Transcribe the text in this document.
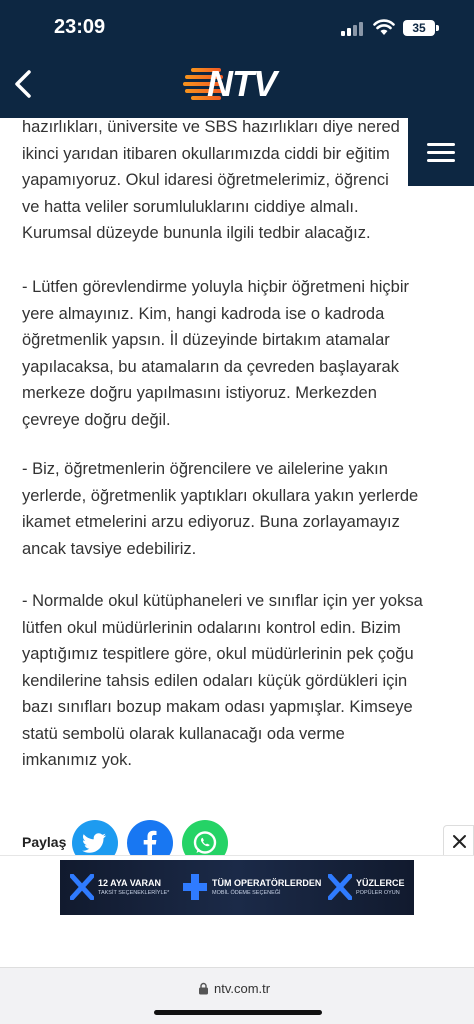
23:09	35
NTV
hazırlıkları, üniversite ve SBS hazırlıkları diye nered
ikinci yarıdan itibaren okullarımızda ciddi bir eğitim
yapamıyoruz. Okul idaresi öğretmelerimiz, öğrenci
ve hatta veliler sorumluluklarını ciddiye almalı.
Kurumsal düzeyde bununla ilgili tedbir alacağız.
- Lütfen görevlendirme yoluyla hiçbir öğretmeni hiçbir
yere almayınız. Kim, hangi kadroda ise o kadroda
öğretmenlik yapsın. İl düzeyinde birtakım atamalar
yapılacaksa, bu atamaların da çevreden başlayarak
merkeze doğru yapılmasını istiyoruz. Merkezden
çevreye doğru değil.
- Biz, öğretmenlerin öğrencilere ve ailelerine yakın
yerlerde, öğretmenlik yaptıkları okullara yakın yerlerde
ikamet etmelerini arzu ediyoruz. Buna zorlayamayız
ancak tavsiye edebiliriz.
- Normalde okul kütüphaneleri ve sınıflar için yer yoksa
lütfen okul müdürlerinin odalarını kontrol edin. Bizim
yaptığımız tespitlere göre, okul müdürlerinin pek çoğu
kendilerine tahsis edilen odaları küçük gördükleri için
bazı sınıfları bozup makam odası yapmışlar. Kimseye
statü sembolü olarak kullanacağı oda verme
imkanımız yok.
Paylaş
12 AYA VARAN
TAKSİT SEÇENEKLERİYLE*
TÜM OPERATÖRLERDEN
MOBİL ÖDEME SEÇENEĞİ
YÜZLERCE
POPÜLER OYUN
ntv.com.tr
